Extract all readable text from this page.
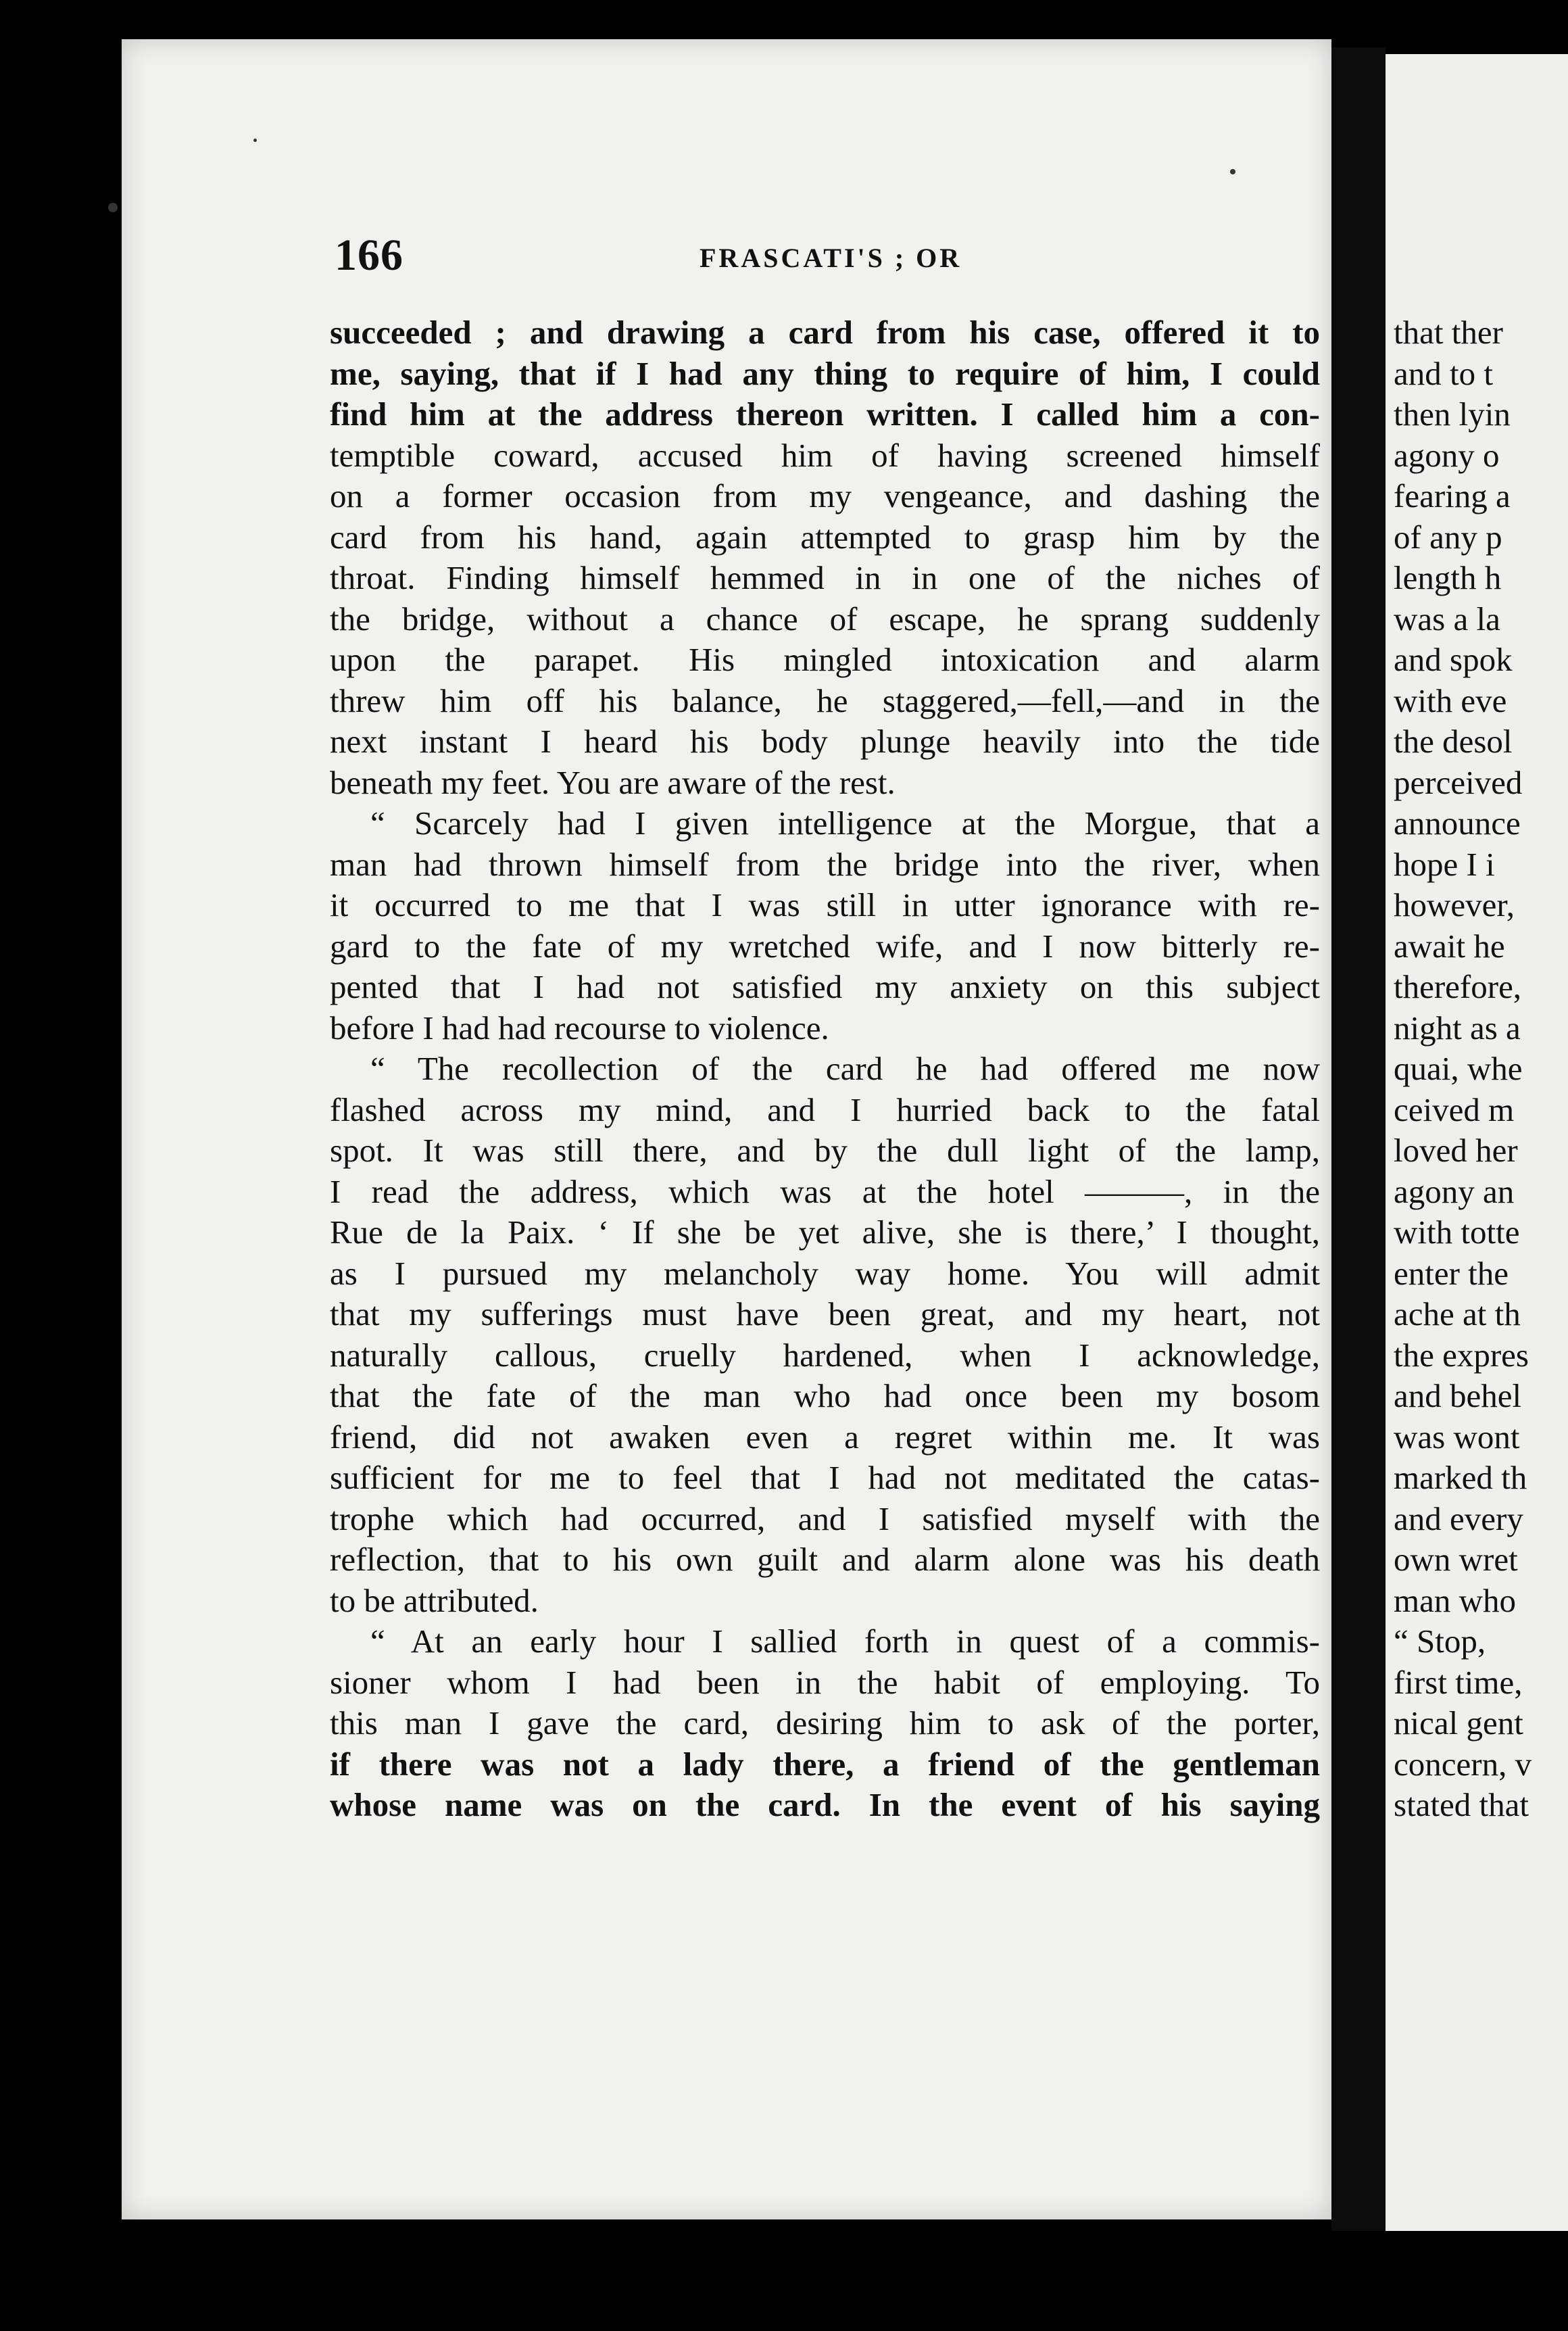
166	FRASCATI'S ; OR
succeeded ; and drawing a card from his case, offered it to
me, saying, that if I had any thing to require of him, I could
find him at the address thereon written. I called him a con-
temptible coward, accused him of having screened himself
on a former occasion from my vengeance, and dashing the
card from his hand, again attempted to grasp him by the
throat. Finding himself hemmed in in one of the niches of
the bridge, without a chance of escape, he sprang suddenly
upon the parapet. His mingled intoxication and alarm
threw him off his balance, he staggered,—fell,—and in the
next instant I heard his body plunge heavily into the tide
beneath my feet. You are aware of the rest.
“ Scarcely had I given intelligence at the Morgue, that a
man had thrown himself from the bridge into the river, when
it occurred to me that I was still in utter ignorance with re-
gard to the fate of my wretched wife, and I now bitterly re-
pented that I had not satisfied my anxiety on this subject
before I had had recourse to violence.
“ The recollection of the card he had offered me now
flashed across my mind, and I hurried back to the fatal
spot. It was still there, and by the dull light of the lamp,
I read the address, which was at the hotel ———, in the
Rue de la Paix. ‘ If she be yet alive, she is there,’ I thought,
as I pursued my melancholy way home. You will admit
that my sufferings must have been great, and my heart, not
naturally callous, cruelly hardened, when I acknowledge,
that the fate of the man who had once been my bosom
friend, did not awaken even a regret within me. It was
sufficient for me to feel that I had not meditated the catas-
trophe which had occurred, and I satisfied myself with the
reflection, that to his own guilt and alarm alone was his death
to be attributed.
“ At an early hour I sallied forth in quest of a commis-
sioner whom I had been in the habit of employing. To
this man I gave the card, desiring him to ask of the porter,
if there was not a lady there, a friend of the gentleman
whose name was on the card. In the event of his saying
that ther
and to t
then lyin
agony o
fearing a
of any p
length h
was a la
and spok
with eve
the desol
perceived
announce
hope I i
however,
await he
therefore,
night as a
quai, whe
ceived m
loved her
agony an
with totte
enter the
ache at th
the expres
and behel
was wont
marked th
and every
own wret
man who
“ Stop,
first time,
nical gent
concern, v
stated that
